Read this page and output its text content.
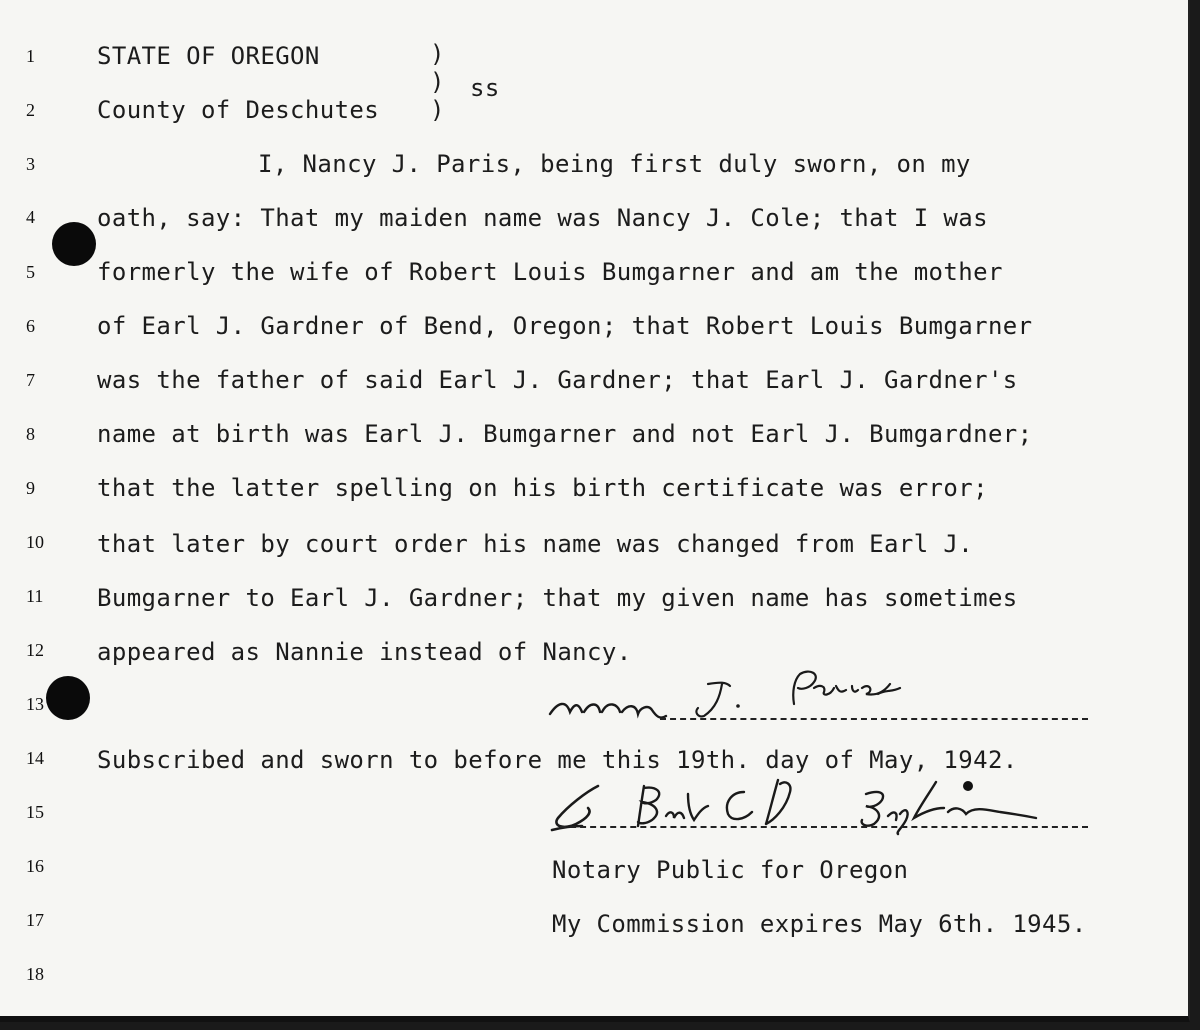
1
2
3
4
5
6
7
8
9
10
11
12
13
14
15
16
17
18
STATE OF OREGON
County of Deschutes
)
)
)
ss
I, Nancy J. Paris, being first duly sworn, on my
oath, say: That my maiden name was Nancy J. Cole; that I was
formerly the wife of Robert Louis Bumgarner and am the mother
of Earl J. Gardner of Bend, Oregon; that Robert Louis Bumgarner
was the father of said Earl J. Gardner; that Earl J. Gardner's
name at birth was Earl J. Bumgarner and not Earl J. Bumgardner;
that the latter spelling on his birth certificate was error;
that later by court order his name was changed from Earl J.
Bumgarner to Earl J. Gardner; that my given name has sometimes
appeared as Nannie instead of Nancy.
Subscribed and sworn to before me this 19th. day of May, 1942.
Notary Public for Oregon
My Commission expires May 6th. 1945.
